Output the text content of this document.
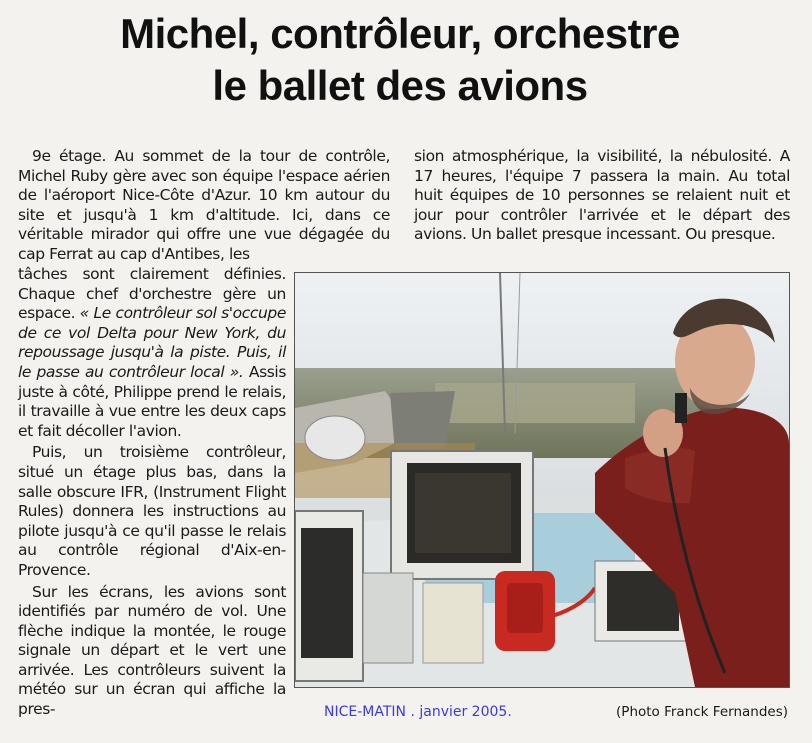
Michel, contrôleur, orchestre
le ballet des avions

9e étage. Au sommet de la tour de contrôle, Michel Ruby gère avec son équipe l'espace aérien de l'aéroport Nice-Côte d'Azur. 10 km autour du site et jusqu'à 1 km d'altitude. Ici, dans ce véritable mirador qui offre une vue dégagée du cap Ferrat au cap d'Antibes, les

tâches sont clairement définies. Chaque chef d'orchestre gère un espace. « Le contrôleur sol s'occupe de ce vol Delta pour New York, du repoussage jusqu'à la piste. Puis, il le passe au contrôleur local ». Assis juste à côté, Philippe prend le relais, il travaille à vue entre les deux caps et fait décoller l'avion.

Puis, un troisième contrôleur, situé un étage plus bas, dans la salle obscure IFR, (Instrument Flight Rules) donnera les instructions au pilote jusqu'à ce qu'il passe le relais au contrôle régional d'Aix-en-Provence.

Sur les écrans, les avions sont identifiés par numéro de vol. Une flèche indique la montée, le rouge signale un départ et le vert une arrivée. Les contrôleurs suivent la météo sur un écran qui affiche la pres-

sion atmosphérique, la visibilité, la nébulosité. A 17 heures, l'équipe 7 passera la main. Au total huit équipes de 10 personnes se relaient nuit et jour pour contrôler l'arrivée et le départ des avions. Un ballet presque incessant. Ou presque.

NICE-MATIN . janvier 2005.	(Photo Franck Fernandes)
